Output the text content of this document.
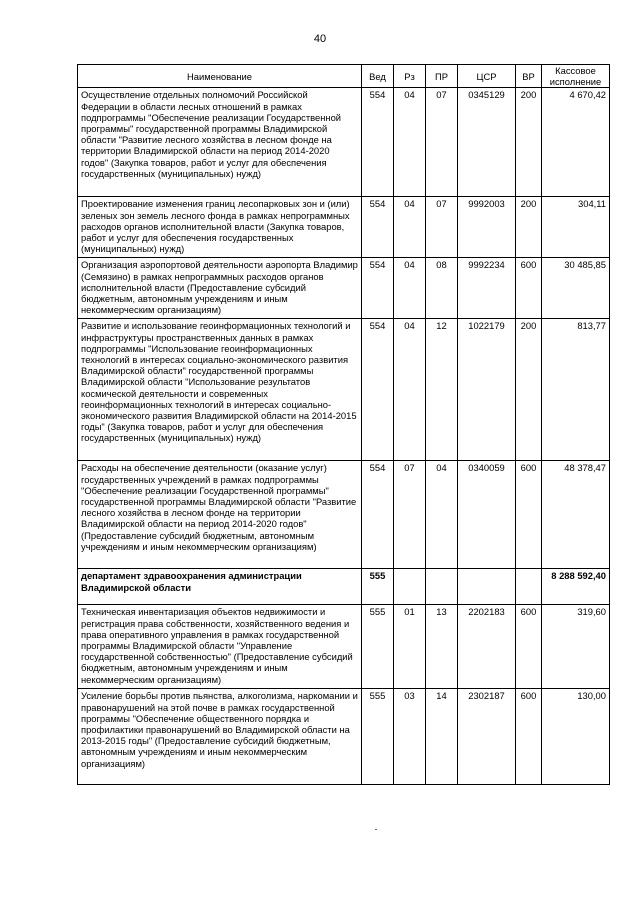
40
Наименование	Вед	Рз	ПР	ЦСР	ВР	Кассовое исполнение
Осуществление отдельных полномочий Российской Федерации в области лесных отношений в рамках подпрограммы "Обеспечение реализации Государственной программы" государственной программы Владимирской области "Развитие лесного хозяйства в лесном фонде на территории Владимирской области на период 2014-2020 годов" (Закупка товаров, работ и услуг для обеспечения государственных (муниципальных) нужд)	554	04	07	0345129	200	4 670,42
Проектирование изменения границ лесопарковых зон и (или) зеленых зон земель лесного фонда в рамках непрограммных расходов органов исполнительной власти (Закупка товаров, работ и услуг для обеспечения государственных (муниципальных) нужд)	554	04	07	9992003	200	304,11
Организация аэропортовой деятельности аэропорта Владимир (Семязино) в рамках непрограммных расходов органов исполнительной власти (Предоставление субсидий бюджетным, автономным учреждениям и иным некоммерческим организациям)	554	04	08	9992234	600	30 485,85
Развитие и использование геоинформационных технологий и инфраструктуры пространственных данных в рамках подпрограммы "Использование геоинформационных технологий в интересах социально-экономического развития Владимирской области" государственной программы Владимирской области "Использование результатов космической деятельности и современных геоинформационных технологий в интересах социально-экономического развития Владимирской области на 2014-2015 годы" (Закупка товаров, работ и услуг для обеспечения государственных (муниципальных) нужд)	554	04	12	1022179	200	813,77
Расходы на обеспечение деятельности (оказание услуг) государственных учреждений в рамках подпрограммы "Обеспечение реализации Государственной программы" государственной программы Владимирской области "Развитие лесного хозяйства в лесном фонде на территории Владимирской области на период 2014-2020 годов" (Предоставление субсидий бюджетным, автономным учреждениям и иным некоммерческим организациям)	554	07	04	0340059	600	48 378,47
департамент здравоохранения администрации Владимирской области	555					8 288 592,40
Техническая инвентаризация объектов недвижимости и регистрация права собственности, хозяйственного ведения и права оперативного управления в рамках государственной программы Владимирской области "Управление государственной собственностью" (Предоставление субсидий бюджетным, автономным учреждениям и иным некоммерческим организациям)	555	01	13	2202183	600	319,60
Усиление борьбы против пьянства, алкоголизма, наркомании и правонарушений на этой почве в рамках государственной программы "Обеспечение общественного порядка и профилактики правонарушений во Владимирской области на 2013-2015 годы" (Предоставление субсидий бюджетным, автономным учреждениям и иным некоммерческим организациям)	555	03	14	2302187	600	130,00
